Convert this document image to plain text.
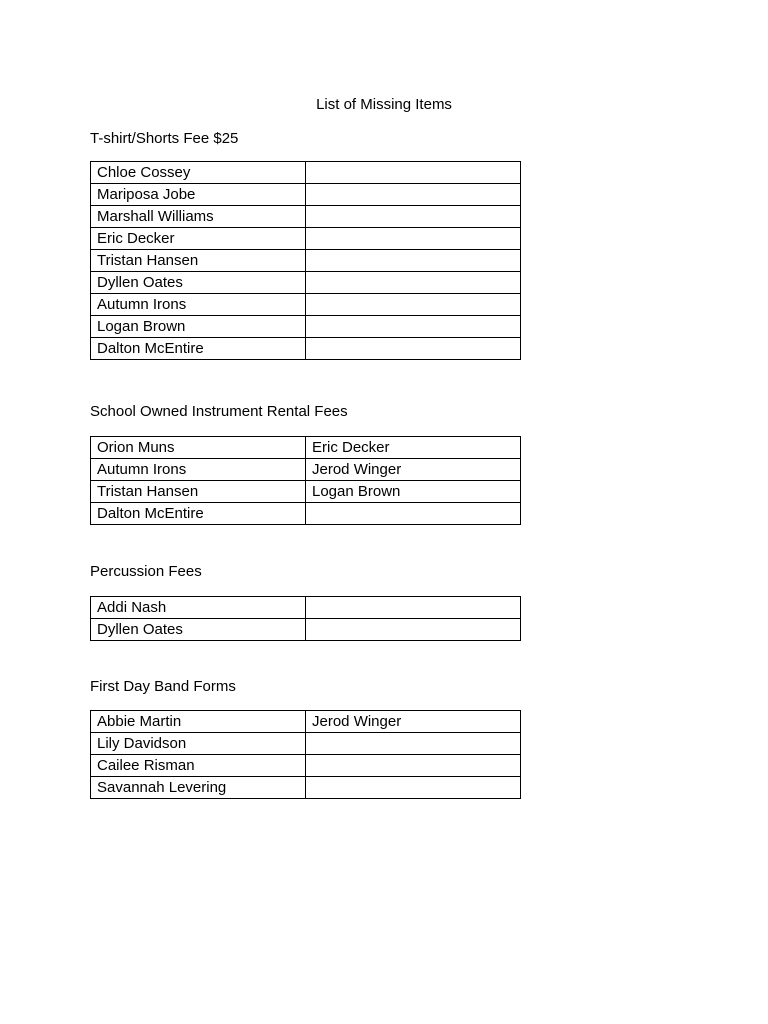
List of Missing Items
T-shirt/Shorts Fee $25
Chloe Cossey	
Mariposa Jobe	
Marshall Williams	
Eric Decker	
Tristan Hansen	
Dyllen Oates	
Autumn Irons	
Logan Brown	
Dalton McEntire	
School Owned Instrument Rental Fees
Orion Muns	Eric Decker
Autumn Irons	Jerod Winger
Tristan Hansen	Logan Brown
Dalton McEntire	
Percussion Fees
Addi Nash	
Dyllen Oates	
First Day Band Forms
Abbie Martin	Jerod Winger
Lily Davidson	
Cailee Risman	
Savannah Levering	
